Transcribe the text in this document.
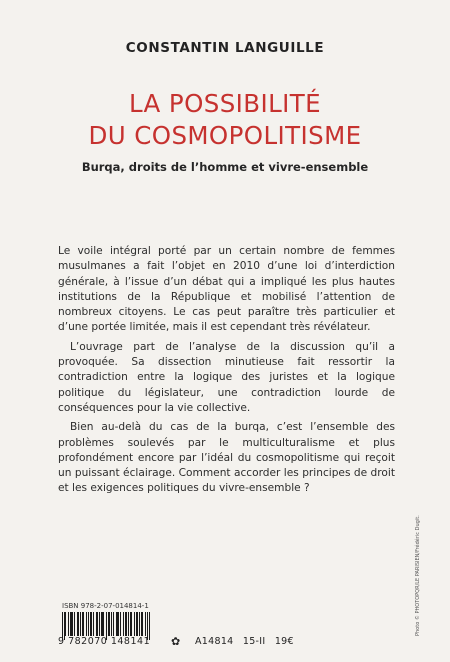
CONSTANTIN LANGUILLE
LA POSSIBILITÉ
DU COSMOPOLITISME
Burqa, droits de l’homme et vivre-ensemble

Le voile intégral porté par un certain nombre de femmes musulmanes a fait l’objet en 2010 d’une loi d’interdiction générale, à l’issue d’un débat qui a impliqué les plus hautes institutions de la République et mobilisé l’attention de nombreux citoyens. Le cas peut paraître très particulier et d’une portée limitée, mais il est cependant très révélateur.

L’ouvrage part de l’analyse de la discussion qu’il a provoquée. Sa dissection minutieuse fait ressortir la contradiction entre la logique des juristes et la logique politique du législateur, une contradiction lourde de conséquences pour la vie collective.

Bien au-delà du cas de la burqa, c’est l’ensemble des problèmes soulevés par le multiculturalisme et plus profondément encore par l’idéal du cosmopolitisme qui reçoit un puissant éclairage. Comment accorder les principes de droit et les exigences politiques du vivre-ensemble ?

ISBN 978-2-07-014814-1
9 782070 148141 ✿ A14814 15-II 19€
Photo © PHOTOPQR/LE PARISIEN/Frédéric Dugit.
